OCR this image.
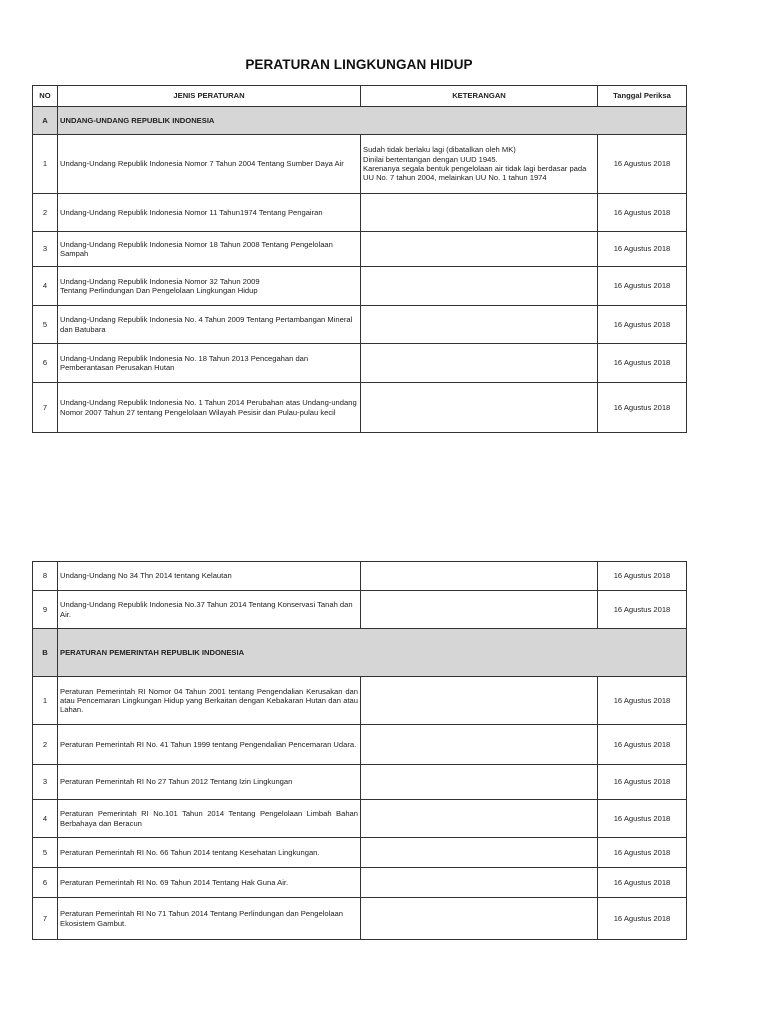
PERATURAN LINGKUNGAN HIDUP
NO	JENIS PERATURAN	KETERANGAN	Tanggal Periksa
A	UNDANG-UNDANG REPUBLIK INDONESIA		
1	Undang-Undang Republik Indonesia Nomor 7 Tahun 2004 Tentang Sumber Daya Air	Sudah tidak berlaku lagi (dibatalkan oleh MK)
Dinilai bertentangan dengan UUD 1945.
Karenanya segala bentuk pengelolaan air tidak lagi berdasar pada UU No. 7 tahun 2004, melainkan UU No. 1 tahun 1974	16 Agustus 2018
2	Undang-Undang Republik Indonesia Nomor 11 Tahun1974 Tentang Pengairan		16 Agustus 2018
3	Undang-Undang Republik Indonesia Nomor 18 Tahun 2008 Tentang Pengelolaan Sampah		16 Agustus 2018
4	Undang-Undang Republik Indonesia Nomor 32 Tahun 2009
Tentang Perlindungan Dan Pengelolaan Lingkungan Hidup		16 Agustus 2018
5	Undang-Undang Republik Indonesia No. 4 Tahun 2009 Tentang Pertambangan Mineral dan Batubara		16 Agustus 2018
6	Undang-Undang Republik Indonesia No. 18 Tahun 2013 Pencegahan dan Pemberantasan Perusakan Hutan		16 Agustus 2018
7	Undang-Undang Republik Indonesia No. 1 Tahun 2014 Perubahan atas Undang-undang Nomor 2007 Tahun 27 tentang Pengelolaan Wilayah Pesisir dan Pulau-pulau kecil		16 Agustus 2018
8	Undang-Undang No 34 Thn 2014 tentang Kelautan		16 Agustus 2018
9	Undang-Undang Republik Indonesia No.37 Tahun 2014 Tentang Konservasi Tanah dan Air.		16 Agustus 2018
B	PERATURAN PEMERINTAH REPUBLIK INDONESIA		
1	Peraturan Pemerintah RI Nomor 04 Tahun 2001 tentang Pengendalian Kerusakan dan atau Pencemaran Lingkungan Hidup yang Berkaitan dengan Kebakaran Hutan dan atau Lahan.		16 Agustus 2018
2	Peraturan Pemerintah RI No. 41 Tahun 1999 tentang Pengendalian Pencemaran Udara.		16 Agustus 2018
3	Peraturan Pemerintah RI No 27 Tahun 2012 Tentang Izin Lingkungan		16 Agustus 2018
4	Peraturan Pemerintah RI No.101 Tahun 2014 Tentang Pengelolaan Limbah Bahan Berbahaya dan Beracun		16 Agustus 2018
5	Peraturan Pemerintah RI No. 66 Tahun 2014 tentang Kesehatan Lingkungan.		16 Agustus 2018
6	Peraturan Pemerintah RI No. 69 Tahun 2014 Tentang Hak Guna Air.		16 Agustus 2018
7	Peraturan Pemerintah RI No 71 Tahun 2014 Tentang Perlindungan dan Pengelolaan Ekosistem Gambut.		16 Agustus 2018
